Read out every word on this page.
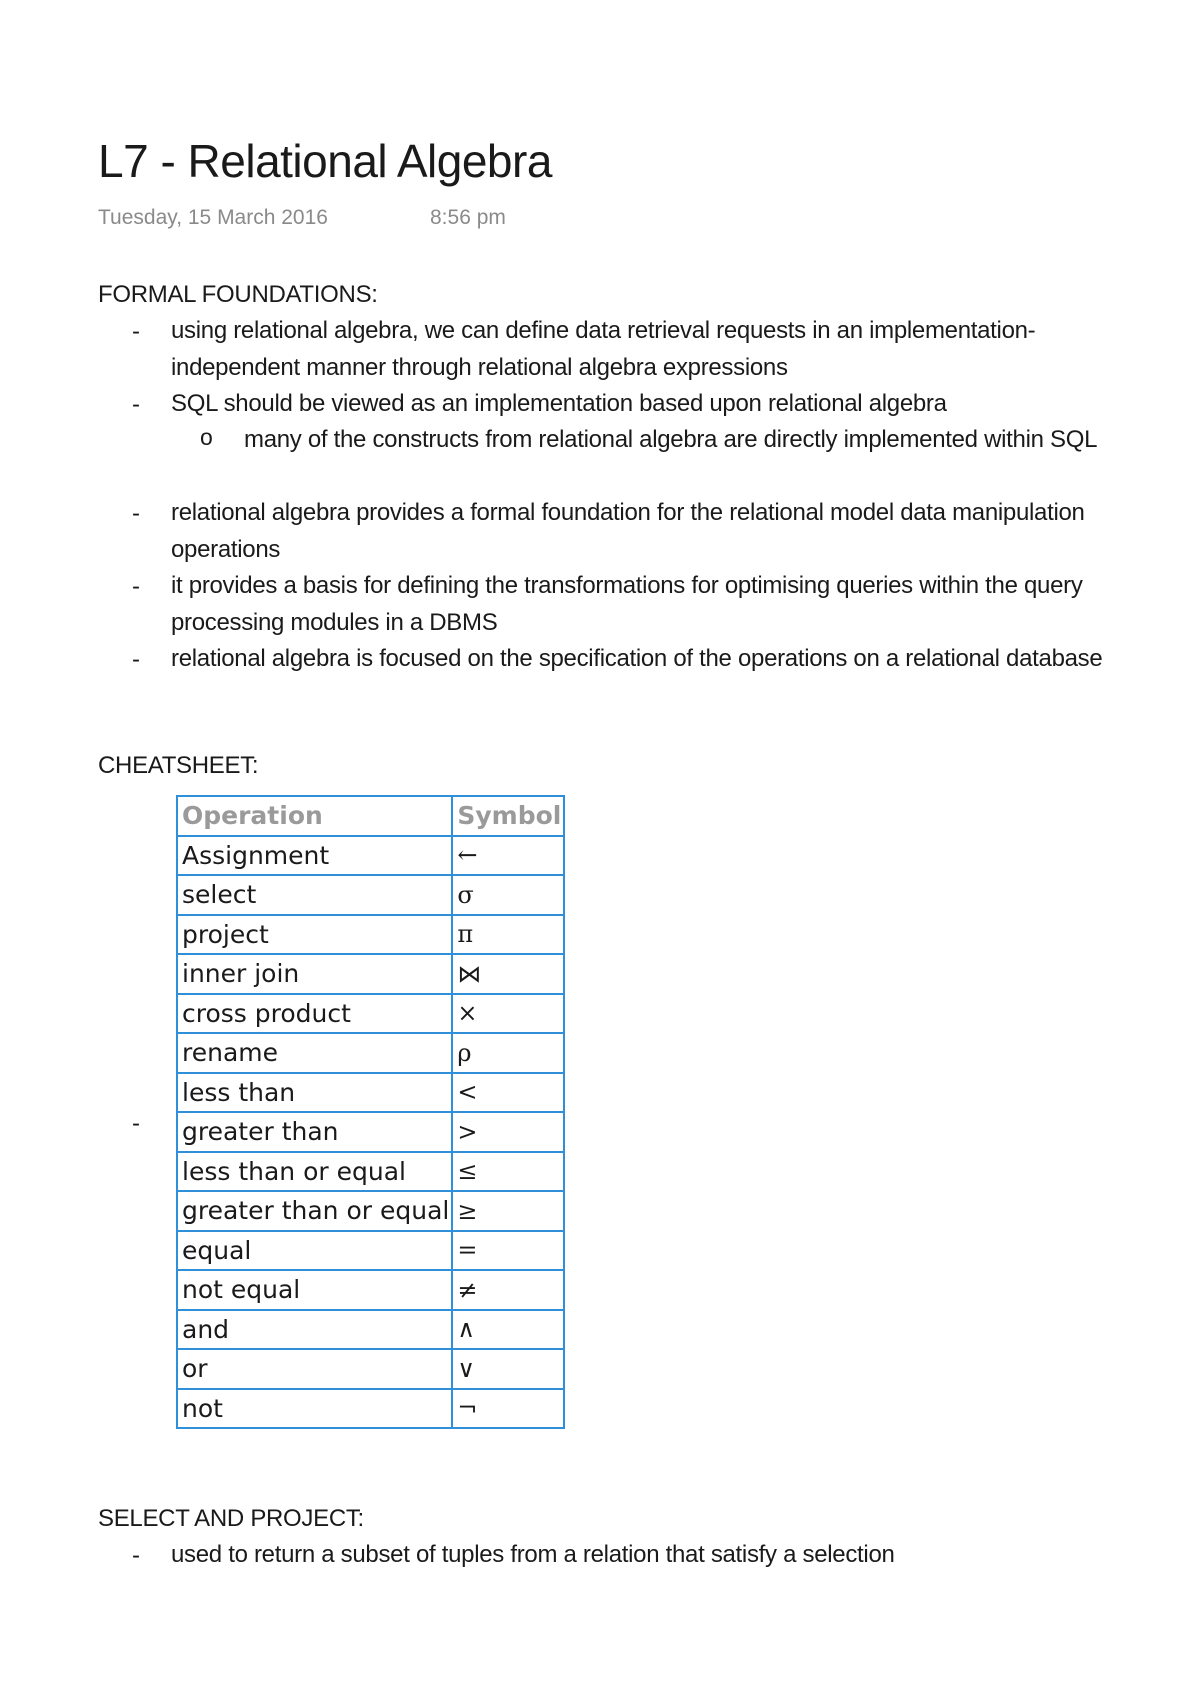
L7 - Relational Algebra
Tuesday, 15 March 2016	8:56 pm
FORMAL FOUNDATIONS:
- using relational algebra, we can define data retrieval requests in an implementation-independent manner through relational algebra expressions
- SQL should be viewed as an implementation based upon relational algebra
o many of the constructs from relational algebra are directly implemented within SQL
- relational algebra provides a formal foundation for the relational model data manipulation operations
- it provides a basis for defining the transformations for optimising queries within the query processing modules in a DBMS
- relational algebra is focused on the specification of the operations on a relational database
CHEATSHEET:
-
Operation	Symbol
Assignment	←
select	σ
project	π
inner join	⋈
cross product	×
rename	ρ
less than	<
greater than	>
less than or equal	≤
greater than or equal	≥
equal	=
not equal	≠
and	∧
or	∨
not	¬
SELECT AND PROJECT:
- used to return a subset of tuples from a relation that satisfy a selection
